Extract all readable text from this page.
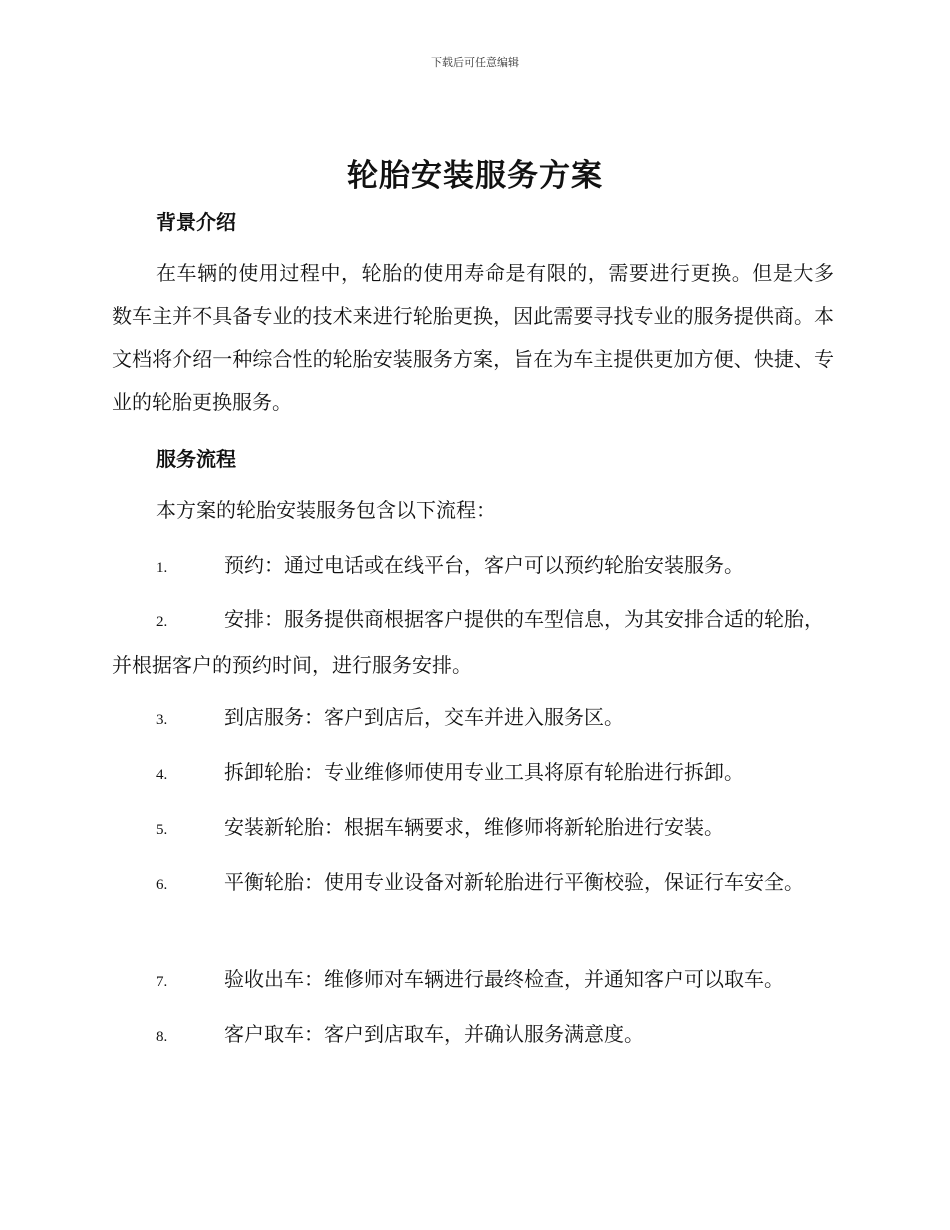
下载后可任意编辑
轮胎安装服务方案
背景介绍
在车辆的使用过程中，轮胎的使用寿命是有限的，需要进行更换。但是大多数车主并不具备专业的技术来进行轮胎更换，因此需要寻找专业的服务提供商。本文档将介绍一种综合性的轮胎安装服务方案，旨在为车主提供更加方便、快捷、专业的轮胎更换服务。
服务流程
本方案的轮胎安装服务包含以下流程：
1.	预约：通过电话或在线平台，客户可以预约轮胎安装服务。
2.	安排：服务提供商根据客户提供的车型信息，为其安排合适的轮胎，并根据客户的预约时间，进行服务安排。
3.	到店服务：客户到店后，交车并进入服务区。
4.	拆卸轮胎：专业维修师使用专业工具将原有轮胎进行拆卸。
5.	安装新轮胎：根据车辆要求，维修师将新轮胎进行安装。
6.	平衡轮胎：使用专业设备对新轮胎进行平衡校验，保证行车安全。
7.	验收出车：维修师对车辆进行最终检查，并通知客户可以取车。
8.	客户取车：客户到店取车，并确认服务满意度。
